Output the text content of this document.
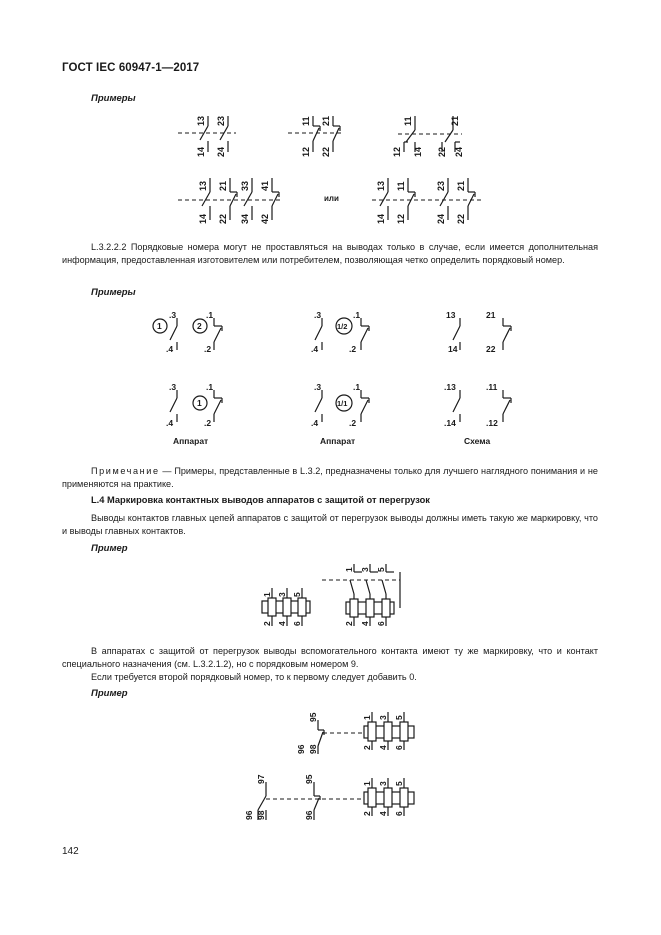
ГОСТ IEC 60947-1—2017
Примеры
13
14
23
24
11
12
21
22
11
12 14
21
22 24
13
14
21
22
33
34
41
42
или
13
14
11
12
23
24
21
22
L.3.2.2.2 Порядковые номера могут не проставляться на выводах только в случае, если имеется дополнительная информация, предоставленная изготовителем или потребителем, позволяющая четко определить порядковый номер.
Примеры
1
.3
.4
2
.1
.2
.3
.4
1/2
.1
.2
13
14
21
22
.3
.4
1
.1
.2
.3
.4
1/1
.1
.2
.13
.14
.11
.12
Аппарат	Аппарат	Схема
Примечание — Примеры, представленные в L.3.2, предназначены только для лучшего наглядного понимания и не применяются на практике.
L.4 Маркировка контактных выводов аппаратов с защитой от перегрузок
Выводы контактов главных цепей аппаратов с защитой от перегрузок выводы должны иметь такую же маркировку, что и выводы главных контактов.
Пример
1 3 5
2 4 6
1 3 5
2 4 6
В аппаратах с защитой от перегрузок выводы вспомогательного контакта имеют ту же маркировку, что и контакт специального назначения (см. L.3.2.1.2), но с порядковым номером 9.
Если требуется второй порядковый номер, то к первому следует добавить 0.
Пример
95
96 98
1 3 5
2 4 6
97
96 98
95
96
1 3 5
2 4 6
142
